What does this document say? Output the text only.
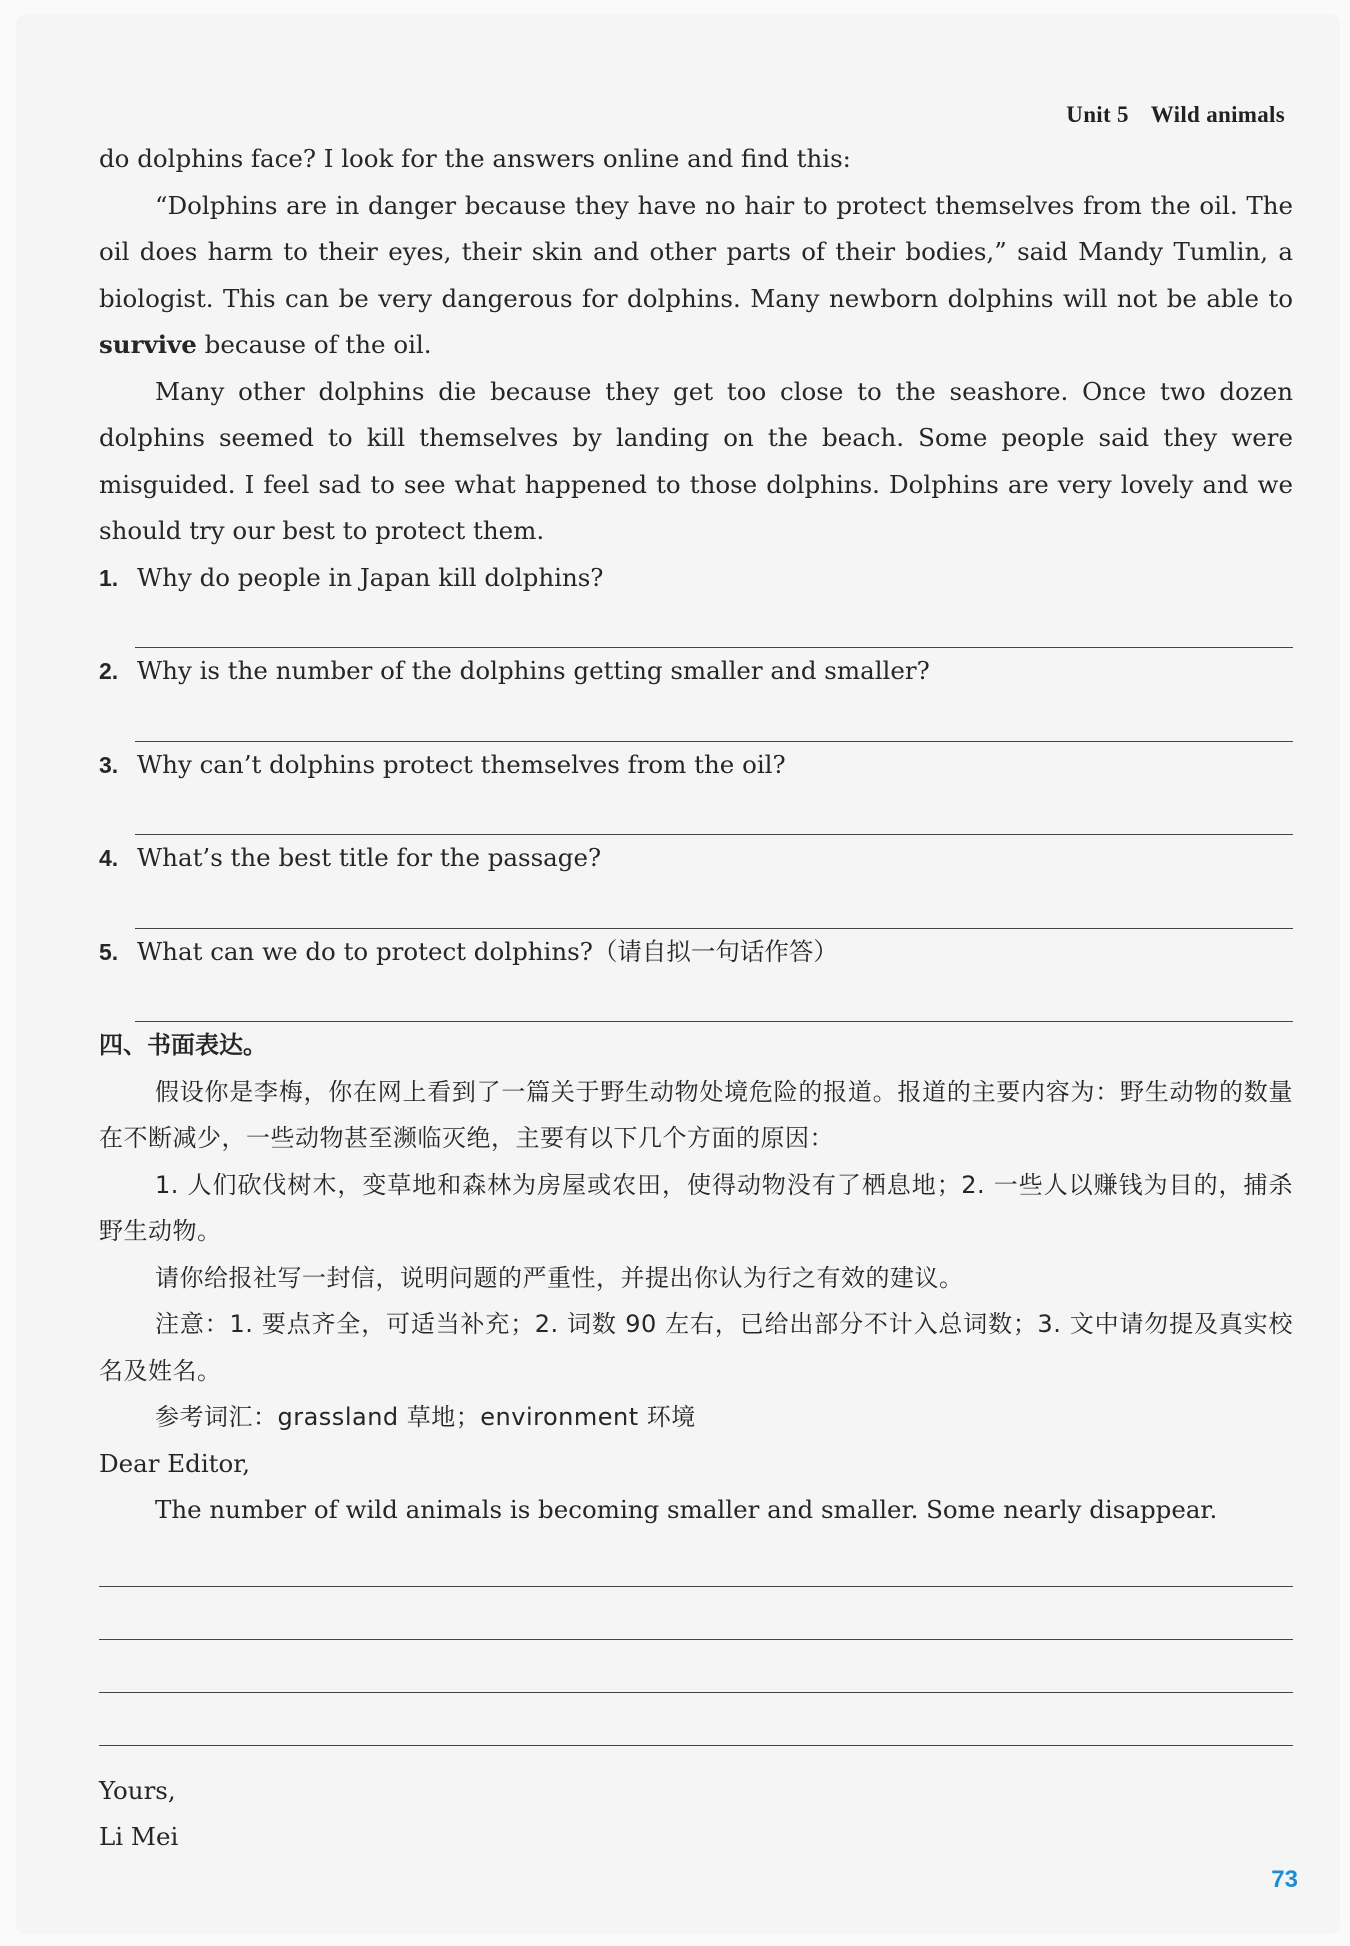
Unit 5 Wild animals

do dolphins face? I look for the answers online and find this:

“Dolphins are in danger because they have no hair to protect themselves from the oil. The oil does harm to their eyes, their skin and other parts of their bodies,” said Mandy Tumlin, a biologist. This can be very dangerous for dolphins. Many newborn dolphins will not be able to survive because of the oil.

Many other dolphins die because they get too close to the seashore. Once two dozen dolphins seemed to kill themselves by landing on the beach. Some people said they were misguided. I feel sad to see what happened to those dolphins. Dolphins are very lovely and we should try our best to protect them.

1. Why do people in Japan kill dolphins?
2. Why is the number of the dolphins getting smaller and smaller?
3. Why can’t dolphins protect themselves from the oil?
4. What’s the best title for the passage?
5. What can we do to protect dolphins?（请自拟一句话作答）

四、书面表达。

假设你是李梅，你在网上看到了一篇关于野生动物处境危险的报道。报道的主要内容为：野生动物的数量在不断减少，一些动物甚至濒临灭绝，主要有以下几个方面的原因：

1. 人们砍伐树木，变草地和森林为房屋或农田，使得动物没有了栖息地；2. 一些人以赚钱为目的，捕杀野生动物。

请你给报社写一封信，说明问题的严重性，并提出你认为行之有效的建议。

注意：1. 要点齐全，可适当补充；2. 词数 90 左右，已给出部分不计入总词数；3. 文中请勿提及真实校名及姓名。

参考词汇：grassland 草地；environment 环境

Dear Editor,

The number of wild animals is becoming smaller and smaller. Some nearly disappear.

Yours,

Li Mei

73
